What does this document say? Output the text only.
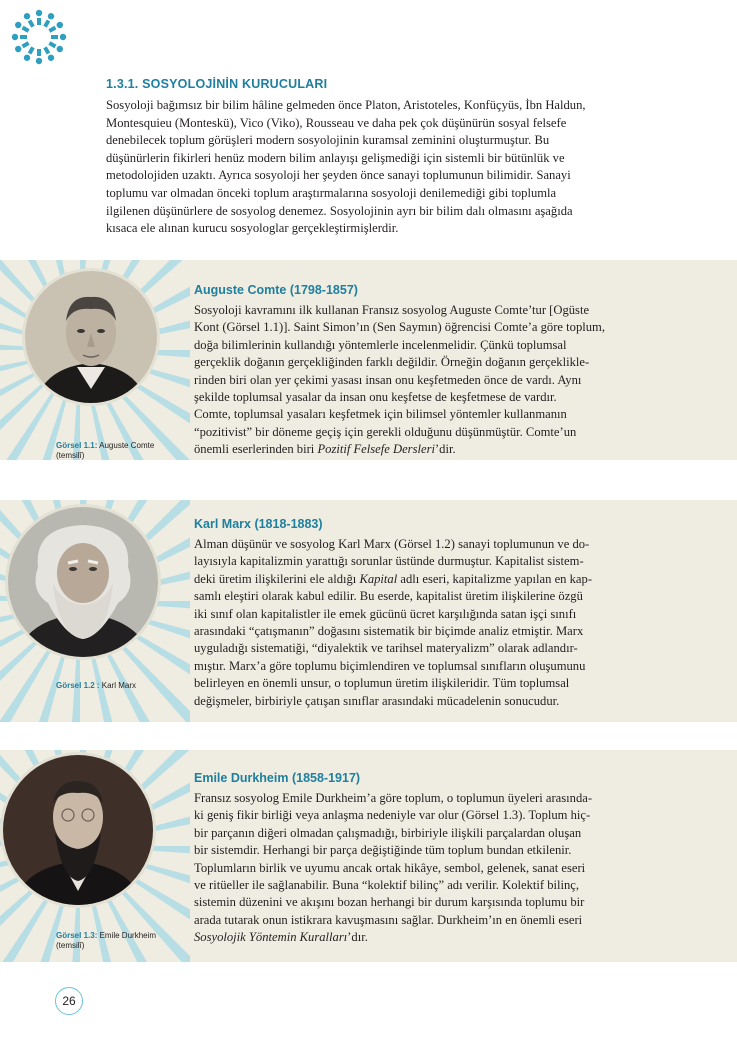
1.3.1. SOSYOLOJİNİN KURUCULARI
Sosyoloji bağımsız bir bilim hâline gelmeden önce Platon, Aristoteles, Konfüçyüs, İbn Haldun,
Montesquieu (Monteskü), Vico (Viko), Rousseau ve daha pek çok düşünürün sosyal felsefe
denebilecek toplum görüşleri modern sosyolojinin kuramsal zeminini oluşturmuştur. Bu
düşünürlerin fikirleri henüz modern bilim anlayışı gelişmediği için sistemli bir bütünlük ve
metodolojiden uzaktı. Ayrıca sosyoloji her şeyden önce sanayi toplumunun bilimidir. Sanayi
toplumu var olmadan önceki toplum araştırmalarına sosyoloji denilemediği gibi toplumla
ilgilenen düşünürlere de sosyolog denemez. Sosyolojinin ayrı bir bilim dalı olmasını aşağıda
kısaca ele alınan kurucu sosyologlar gerçekleştirmişlerdir.
Görsel 1.1: Auguste Comte
(temsilî)
Auguste Comte (1798-1857)
Sosyoloji kavramını ilk kullanan Fransız sosyolog Auguste Comte’tur [Ogüste
Kont (Görsel 1.1)]. Saint Simon’ın (Sen Saymın) öğrencisi Comte’a göre toplum,
doğa bilimlerinin kullandığı yöntemlerle incelenmelidir. Çünkü toplumsal
gerçeklik doğanın gerçekliğinden farklı değildir. Örneğin doğanın gerçeklikle-
rinden biri olan yer çekimi yasası insan onu keşfetmeden önce de vardı. Aynı
şekilde toplumsal yasalar da insan onu keşfetse de keşfetmese de vardır.
Comte, toplumsal yasaları keşfetmek için bilimsel yöntemler kullanmanın
“pozitivist” bir döneme geçiş için gerekli olduğunu düşünmüştür. Comte’un
önemli eserlerinden biri Pozitif Felsefe Dersleri’dir.
Görsel 1.2 : Karl Marx
Karl Marx (1818-1883)
Alman düşünür ve sosyolog Karl Marx (Görsel 1.2) sanayi toplumunun ve do-
layısıyla kapitalizmin yarattığı sorunlar üstünde durmuştur. Kapitalist sistem-
deki üretim ilişkilerini ele aldığı Kapital adlı eseri, kapitalizme yapılan en kap-
samlı eleştiri olarak kabul edilir. Bu eserde, kapitalist üretim ilişkilerine özgü
iki sınıf olan kapitalistler ile emek gücünü ücret karşılığında satan işçi sınıfı
arasındaki “çatışmanın” doğasını sistematik bir biçimde analiz etmiştir. Marx
uyguladığı sistematiği, “diyalektik ve tarihsel materyalizm” olarak adlandır-
mıştır. Marx’a göre toplumu biçimlendiren ve toplumsal sınıfların oluşumunu
belirleyen en önemli unsur, o toplumun üretim ilişkileridir. Tüm toplumsal
değişmeler, birbiriyle çatışan sınıflar arasındaki mücadelenin sonucudur.
Görsel 1.3: Emile Durkheim
(temsilî)
Emile Durkheim (1858-1917)
Fransız sosyolog Emile Durkheim’a göre toplum, o toplumun üyeleri arasında-
ki geniş fikir birliği veya anlaşma nedeniyle var olur (Görsel 1.3). Toplum hiç-
bir parçanın diğeri olmadan çalışmadığı, birbiriyle ilişkili parçalardan oluşan
bir sistemdir. Herhangi bir parça değiştiğinde tüm toplum bundan etkilenir.
Toplumların birlik ve uyumu ancak ortak hikâye, sembol, gelenek, sanat eseri
ve ritüeller ile sağlanabilir. Buna “kolektif bilinç” adı verilir. Kolektif bilinç,
sistemin düzenini ve akışını bozan herhangi bir durum karşısında toplumu bir
arada tutarak onun istikrara kavuşmasını sağlar. Durkheim’ın en önemli eseri
Sosyolojik Yöntemin Kuralları’dır.
26
